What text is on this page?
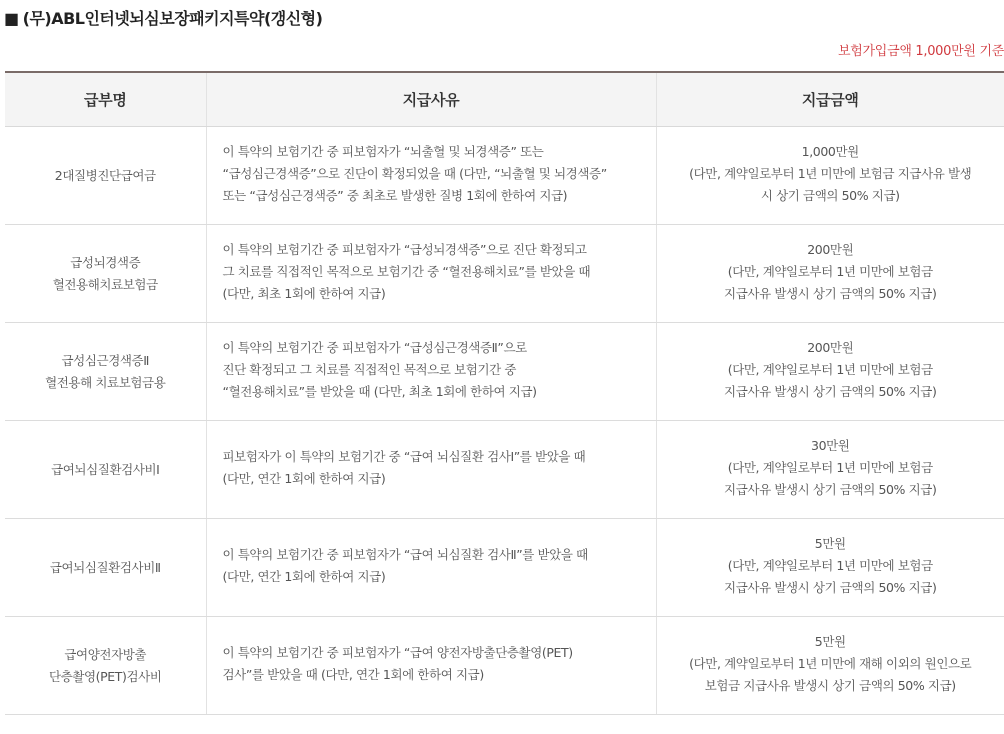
■ (무)ABL인터넷뇌심보장패키지특약(갱신형)
보험가입금액 1,000만원 기준
급부명	지급사유	지급금액

2대질병진단급여금	이 특약의 보험기간 중 피보험자가 “뇌출혈 및 뇌경색증” 또는
“급성심근경색증”으로 진단이 확정되었을 때 (다만, “뇌출혈 및 뇌경색증”
또는 “급성심근경색증” 중 최초로 발생한 질병 1회에 한하여 지급)	1,000만원
(다만, 계약일로부터 1년 미만에 보험금 지급사유 발생
시 상기 금액의 50% 지급)

급성뇌경색증
혈전용해치료보험금	이 특약의 보험기간 중 피보험자가 “급성뇌경색증”으로 진단 확정되고
그 치료를 직접적인 목적으로 보험기간 중 “혈전용해치료”를 받았을 때
(다만, 최초 1회에 한하여 지급)	200만원
(다만, 계약일로부터 1년 미만에 보험금
지급사유 발생시 상기 금액의 50% 지급)

급성심근경색증Ⅱ
혈전용해 치료보험금용	이 특약의 보험기간 중 피보험자가 “급성심근경색증Ⅱ”으로
진단 확정되고 그 치료를 직접적인 목적으로 보험기간 중
“혈전용해치료”를 받았을 때 (다만, 최초 1회에 한하여 지급)	200만원
(다만, 계약일로부터 1년 미만에 보험금
지급사유 발생시 상기 금액의 50% 지급)

급여뇌심질환검사비Ⅰ	피보험자가 이 특약의 보험기간 중 “급여 뇌심질환 검사Ⅰ”를 받았을 때
(다만, 연간 1회에 한하여 지급)	30만원
(다만, 계약일로부터 1년 미만에 보험금
지급사유 발생시 상기 금액의 50% 지급)

급여뇌심질환검사비Ⅱ	이 특약의 보험기간 중 피보험자가 “급여 뇌심질환 검사Ⅱ”를 받았을 때
(다만, 연간 1회에 한하여 지급)	5만원
(다만, 계약일로부터 1년 미만에 보험금
지급사유 발생시 상기 금액의 50% 지급)

급여양전자방출
단층촬영(PET)검사비	이 특약의 보험기간 중 피보험자가 “급여 양전자방출단층촬영(PET)
검사”를 받았을 때 (다만, 연간 1회에 한하여 지급)	5만원
(다만, 계약일로부터 1년 미만에 재해 이외의 원인으로
보험금 지급사유 발생시 상기 금액의 50% 지급)
